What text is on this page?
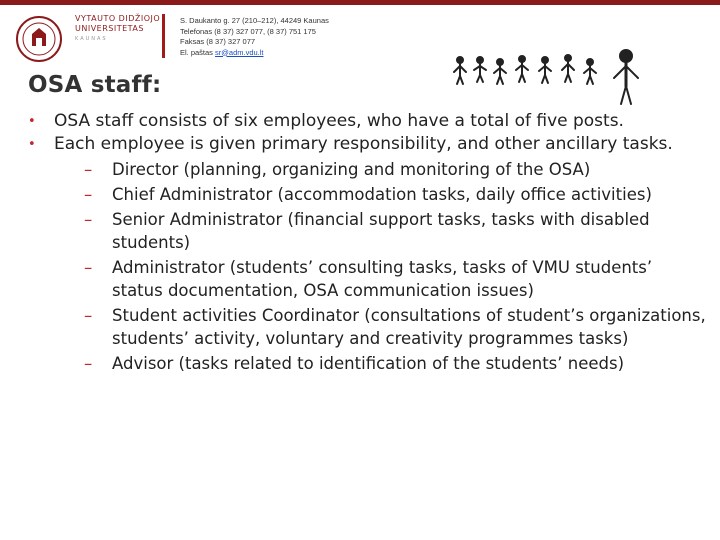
VYTAUTO DIDŽIOJO
UNIVERSITETAS
KAUNAS
S. Daukanto g. 27 (210–212), 44249 Kaunas
Telefonas (8 37) 327 077, (8 37) 751 175
Faksas (8 37) 327 077
El. paštas sr@adm.vdu.lt
OSA staff:
• OSA staff consists of six employees, who have a total of five posts.
• Each employee is given primary responsibility, and other ancillary tasks.
– Director (planning, organizing and monitoring of the OSA)
– Chief Administrator (accommodation tasks, daily office activities)
– Senior Administrator (financial support tasks, tasks with disabled students)
– Administrator (students’ consulting tasks, tasks of VMU students’ status documentation, OSA communication issues)
– Student activities Coordinator (consultations of student’s organizations, students’ activity, voluntary and creativity programmes tasks)
– Advisor (tasks related to identification of the students’ needs)
